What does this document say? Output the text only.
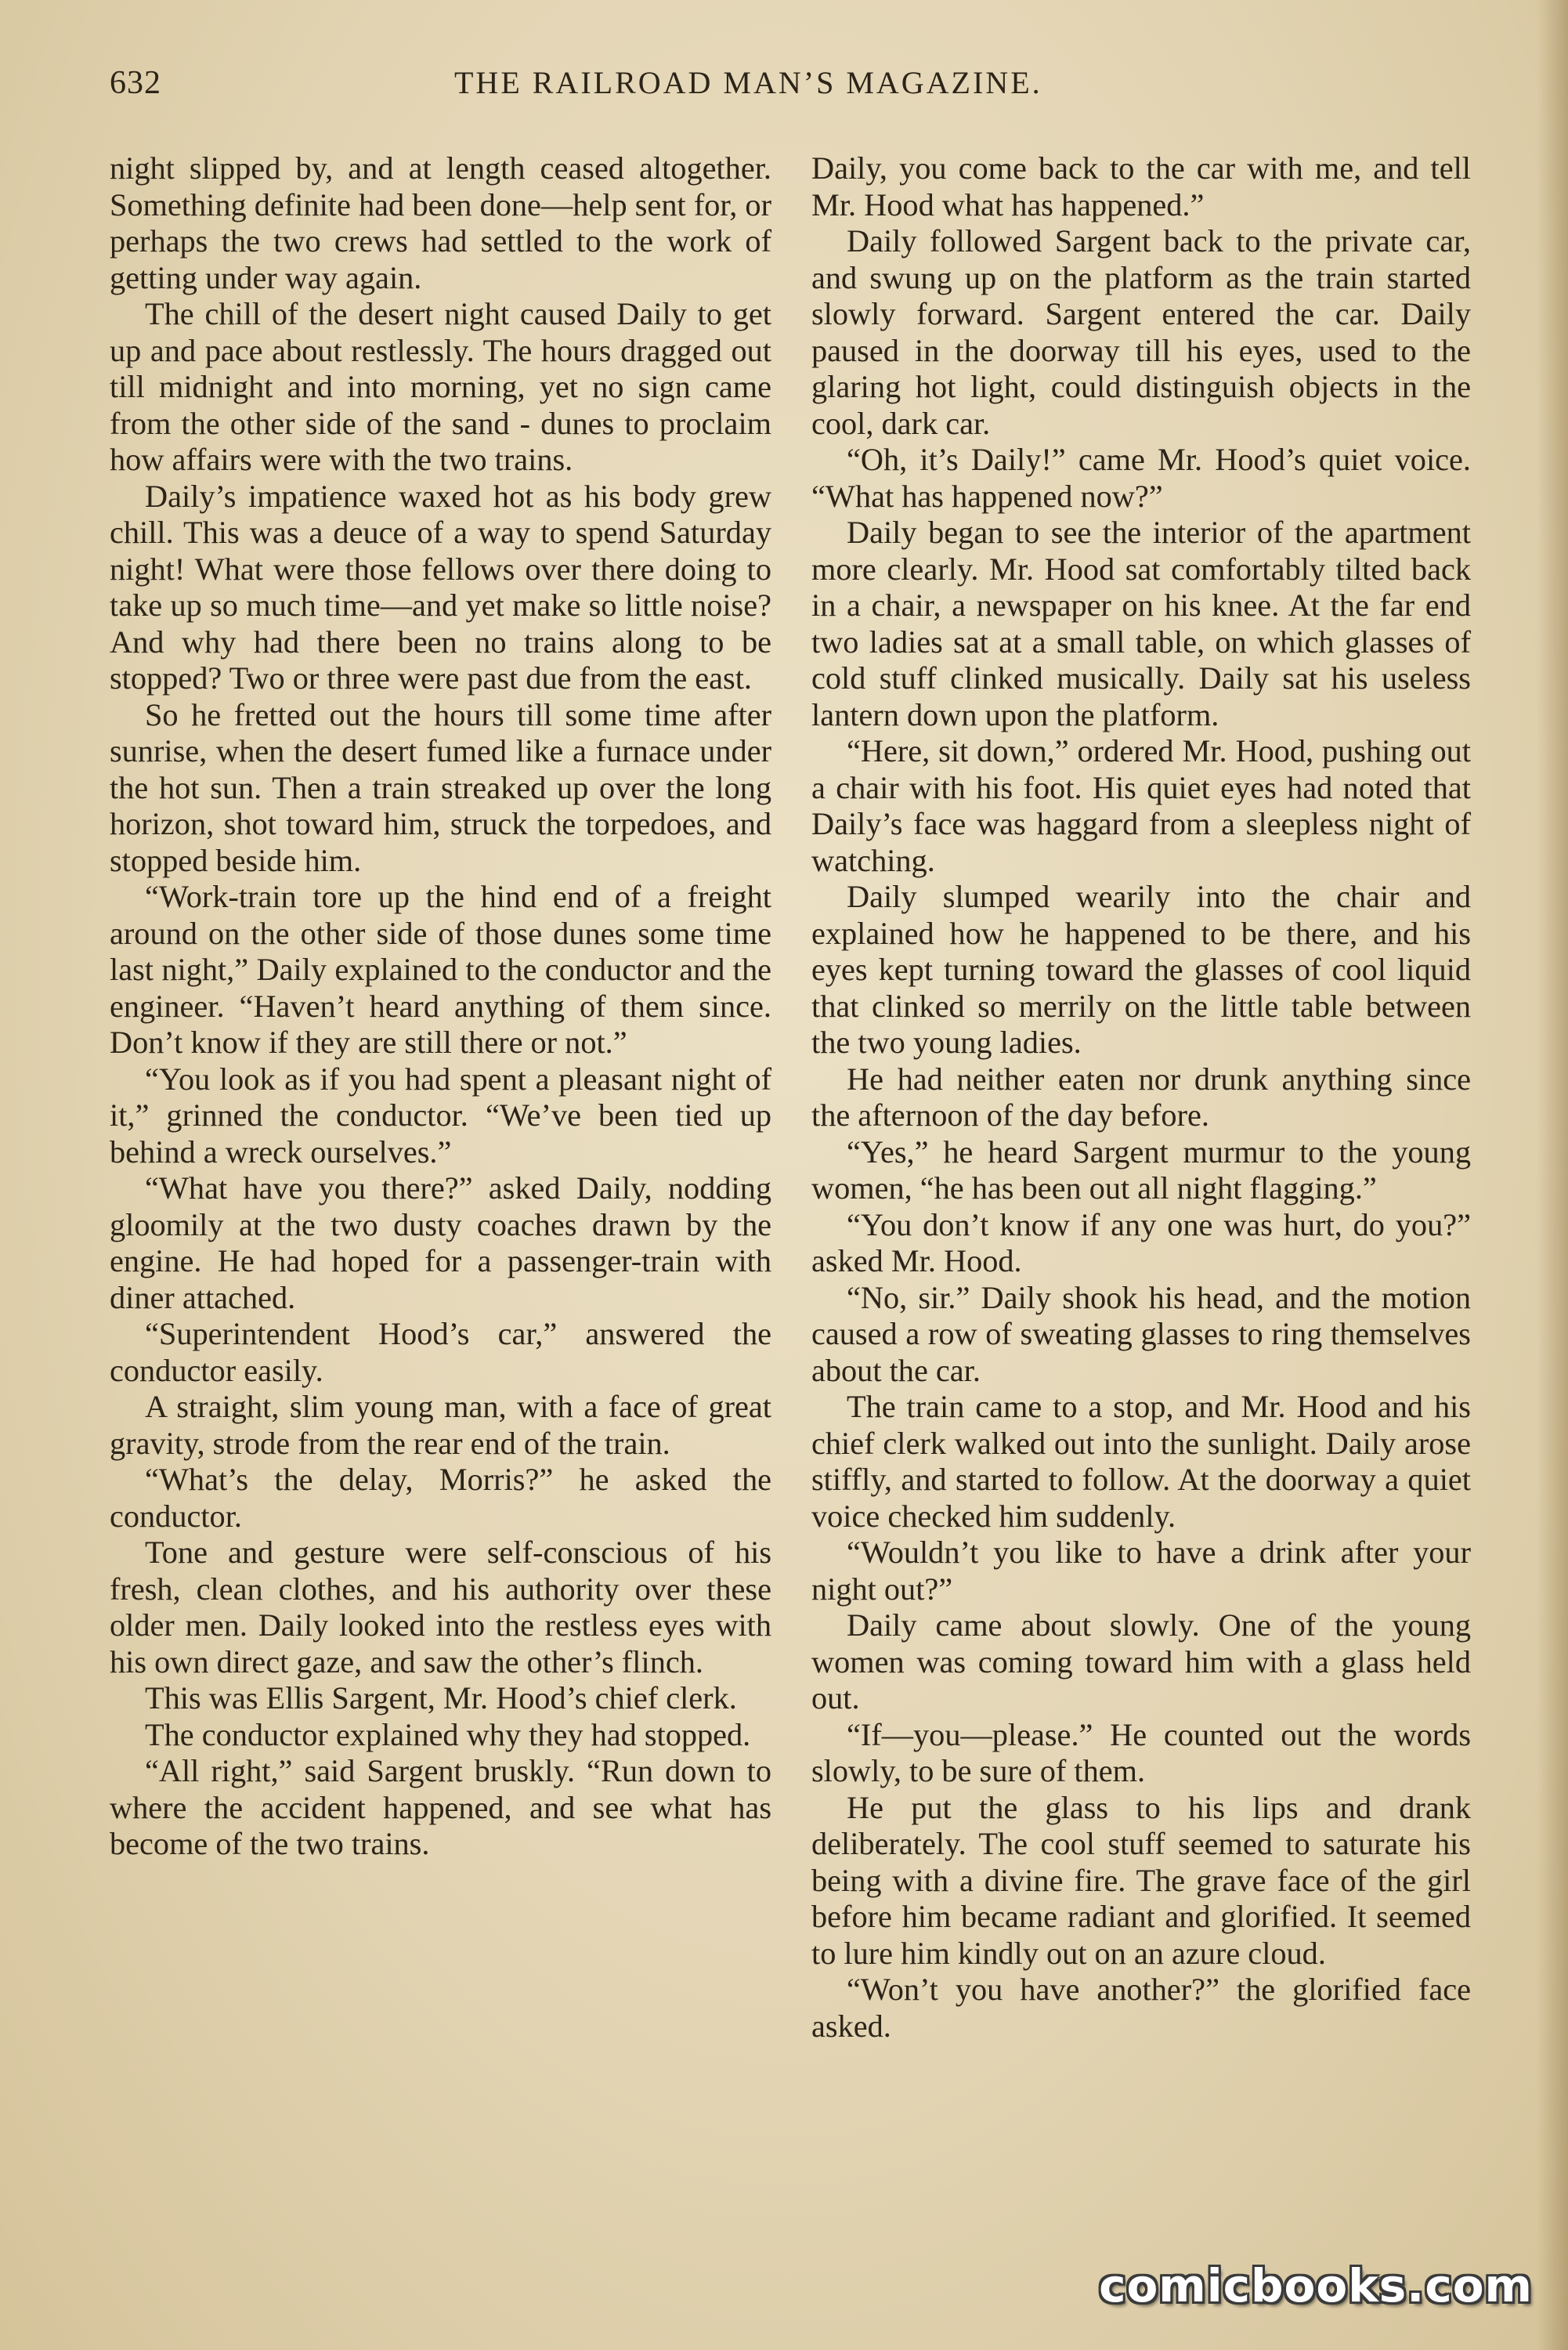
632	THE RAILROAD MAN’S MAGAZINE.

night slipped by, and at length ceased altogether. Something definite had been done—help sent for, or perhaps the two crews had settled to the work of getting under way again.

The chill of the desert night caused Daily to get up and pace about restlessly. The hours dragged out till midnight and into morning, yet no sign came from the other side of the sand - dunes to proclaim how affairs were with the two trains.

Daily’s impatience waxed hot as his body grew chill. This was a deuce of a way to spend Saturday night! What were those fellows over there doing to take up so much time—and yet make so little noise? And why had there been no trains along to be stopped? Two or three were past due from the east.

So he fretted out the hours till some time after sunrise, when the desert fumed like a furnace under the hot sun. Then a train streaked up over the long horizon, shot toward him, struck the torpedoes, and stopped beside him.

“Work-train tore up the hind end of a freight around on the other side of those dunes some time last night,” Daily explained to the conductor and the engineer. “Haven’t heard anything of them since. Don’t know if they are still there or not.”

“You look as if you had spent a pleasant night of it,” grinned the conductor. “We’ve been tied up behind a wreck ourselves.”

“What have you there?” asked Daily, nodding gloomily at the two dusty coaches drawn by the engine. He had hoped for a passenger-train with diner attached.

“Superintendent Hood’s car,” answered the conductor easily.

A straight, slim young man, with a face of great gravity, strode from the rear end of the train.

“What’s the delay, Morris?” he asked the conductor.

Tone and gesture were self-conscious of his fresh, clean clothes, and his authority over these older men. Daily looked into the restless eyes with his own direct gaze, and saw the other’s flinch.

This was Ellis Sargent, Mr. Hood’s chief clerk.

The conductor explained why they had stopped.

“All right,” said Sargent bruskly. “Run down to where the accident happened, and see what has become of the two trains.

Daily, you come back to the car with me, and tell Mr. Hood what has happened.”

Daily followed Sargent back to the private car, and swung up on the platform as the train started slowly forward. Sargent entered the car. Daily paused in the doorway till his eyes, used to the glaring hot light, could distinguish objects in the cool, dark car.

“Oh, it’s Daily!” came Mr. Hood’s quiet voice. “What has happened now?”

Daily began to see the interior of the apartment more clearly. Mr. Hood sat comfortably tilted back in a chair, a newspaper on his knee. At the far end two ladies sat at a small table, on which glasses of cold stuff clinked musically. Daily sat his useless lantern down upon the platform.

“Here, sit down,” ordered Mr. Hood, pushing out a chair with his foot. His quiet eyes had noted that Daily’s face was haggard from a sleepless night of watching.

Daily slumped wearily into the chair and explained how he happened to be there, and his eyes kept turning toward the glasses of cool liquid that clinked so merrily on the little table between the two young ladies.

He had neither eaten nor drunk anything since the afternoon of the day before.

“Yes,” he heard Sargent murmur to the young women, “he has been out all night flagging.”

“You don’t know if any one was hurt, do you?” asked Mr. Hood.

“No, sir.” Daily shook his head, and the motion caused a row of sweating glasses to ring themselves about the car.

The train came to a stop, and Mr. Hood and his chief clerk walked out into the sunlight. Daily arose stiffly, and started to follow. At the doorway a quiet voice checked him suddenly.

“Wouldn’t you like to have a drink after your night out?”

Daily came about slowly. One of the young women was coming toward him with a glass held out.

“If—you—please.” He counted out the words slowly, to be sure of them.

He put the glass to his lips and drank deliberately. The cool stuff seemed to saturate his being with a divine fire. The grave face of the girl before him became radiant and glorified. It seemed to lure him kindly out on an azure cloud.

“Won’t you have another?” the glorified face asked.

comicbooks.com
